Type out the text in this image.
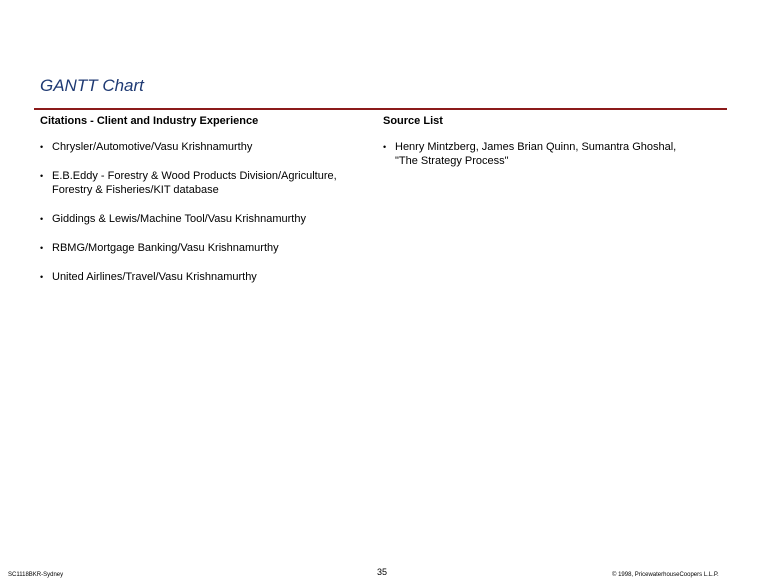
GANTT Chart
Citations - Client and Industry Experience	Source List
• Chrysler/Automotive/Vasu Krishnamurthy
• E.B.Eddy - Forestry & Wood Products Division/Agriculture, Forestry & Fisheries/KIT database
• Giddings & Lewis/Machine Tool/Vasu Krishnamurthy
• RBMG/Mortgage Banking/Vasu Krishnamurthy
• United Airlines/Travel/Vasu Krishnamurthy
• Henry Mintzberg, James Brian Quinn, Sumantra Ghoshal, "The Strategy Process"
SC1118BKR-Sydney	35	© 1998, PricewaterhouseCoopers L.L.P.
